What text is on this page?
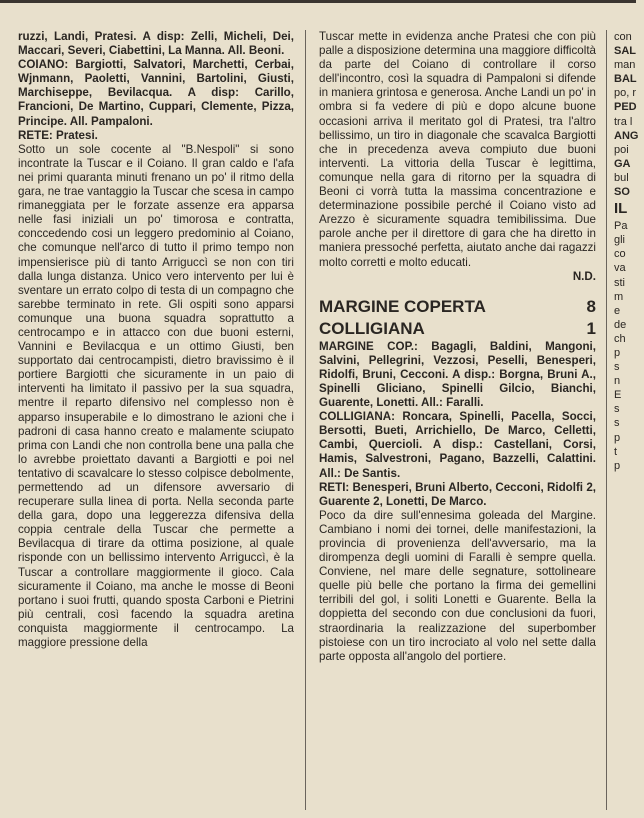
ruzzi, Landi, Pratesi. A disp: Zelli, Micheli, Dei, Maccari, Severi, Ciabettini, La Manna. All. Beoni.

COIANO: Bargiotti, Salvatori, Marchetti, Cerbai, Wjnmann, Paoletti, Vannini, Bartolini, Giusti, Marchiseppe, Bevilacqua. A disp: Carillo, Francioni, De Martino, Cuppari, Clemente, Pizza, Principe. All. Pampaloni.

RETE: Pratesi.

Sotto un sole cocente al "B.Nespoli" si sono incontrate la Tuscar e il Coiano. Il gran caldo e l'afa nei primi quaranta minuti frenano un po' il ritmo della gara, ne trae vantaggio la Tuscar che scesa in campo rimaneggiata per le forzate assenze era apparsa nelle fasi iniziali un po' timorosa e contratta, conccedendo cosi un leggero predominio al Coiano, che comunque nell'arco di tutto il primo tempo non impensierisce più di tanto Arriguccì se non con tiri dalla lunga distanza. Unico vero intervento per lui è sventare un errato colpo di testa di un compagno che sarebbe terminato in rete. Gli ospiti sono apparsi comunque una buona squadra soprattutto a centrocampo e in attacco con due buoni esterni, Vannini e Bevilacqua e un ottimo Giusti, ben supportato dai centrocampisti, dietro bravissimo è il portiere Bargiotti che sicuramente in un paio di interventi ha limitato il passivo per la sua squadra, mentre il reparto difensivo nel complesso non è apparso insuperabile e lo dimostrano le azioni che i padroni di casa hanno creato e malamente sciupato prima con Landi che non controlla bene una palla che lo avrebbe proiettato davanti a Bargiotti e poi nel tentativo di scavalcare lo stesso colpisce debolmente, permettendo ad un difensore avversario di recuperare sulla linea di porta. Nella seconda parte della gara, dopo una leggerezza difensiva della coppia centrale della Tuscar che permette a Bevilacqua di tirare da ottima posizione, al quale risponde con un bellissimo intervento Arriguccì, è la Tuscar a controllare maggiormente il gioco. Cala sicuramente il Coiano, ma anche le mosse di Beoni portano i suoi frutti, quando sposta Carboni e Pietrini più centrali, così facendo la squadra aretina conquista maggiormente il centrocampo. La maggiore pressione della

Tuscar mette in evidenza anche Pratesi che con più palle a disposizione determina una maggiore difficoltà da parte del Coiano di controllare il corso dell'incontro, così la squadra di Pampaloni si difende in maniera grintosa e generosa. Anche Landi un po' in ombra si fa vedere di più e dopo alcune buone occasioni arriva il meritato gol di Pratesi, tra l'altro bellissimo, un tiro in diagonale che scavalca Bargiotti che in precedenza aveva compiuto due buoni interventi. La vittoria della Tuscar è legittima, comunque nella gara di ritorno per la squadra di Beoni ci vorrà tutta la massima concentrazione e determinazione possibile perché il Coiano visto ad Arezzo è sicuramente squadra temibilissima. Due parole anche per il direttore di gara che ha diretto in maniera pressoché perfetta, aiutato anche dai ragazzi molto corretti e molto educati.

N.D.

MARGINE COPERTA	8
COLLIGIANA	1

MARGINE COP.: Bagagli, Baldini, Mangoni, Salvini, Pellegrini, Vezzosi, Peselli, Benesperi, Ridolfi, Bruni, Cecconi. A disp.: Borgna, Bruni A., Spinelli Gliciano, Spinelli Gilcio, Bianchi, Guarente, Lonetti. All.: Faralli.

COLLIGIANA: Roncara, Spinelli, Pacella, Socci, Bersotti, Bueti, Arrichiello, De Marco, Celletti, Cambi, Quercioli. A disp.: Castellani, Corsi, Hamis, Salvestroni, Pagano, Bazzelli, Calattini. All.: De Santis.

RETI: Benesperi, Bruni Alberto, Cecconi, Ridolfi 2, Guarente 2, Lonetti, De Marco.

Poco da dire sull'ennesima goleada del Margine. Cambiano i nomi dei tornei, delle manifestazioni, la provincia di provenienza dell'avversario, ma la dirompenza degli uomini di Faralli è sempre quella. Conviene, nel mare delle segnature, sottolineare quelle più belle che portano la firma dei gemellini terribili del gol, i soliti Lonetti e Guarente. Bella la doppietta del secondo con due conclusioni da fuori, straordinaria la realizzazione del superbomber pistoiese con un tiro incrociato al volo nel sette dalla parte opposta all'angolo del portiere.

con
SAL
man
BAL
po, r
PED
tra l
ANG
poi
GA
bul
SO
IL
Pa
gli
co
va
sti
m
e
de
ch
p
s
n
E
s
s
p
t
p
